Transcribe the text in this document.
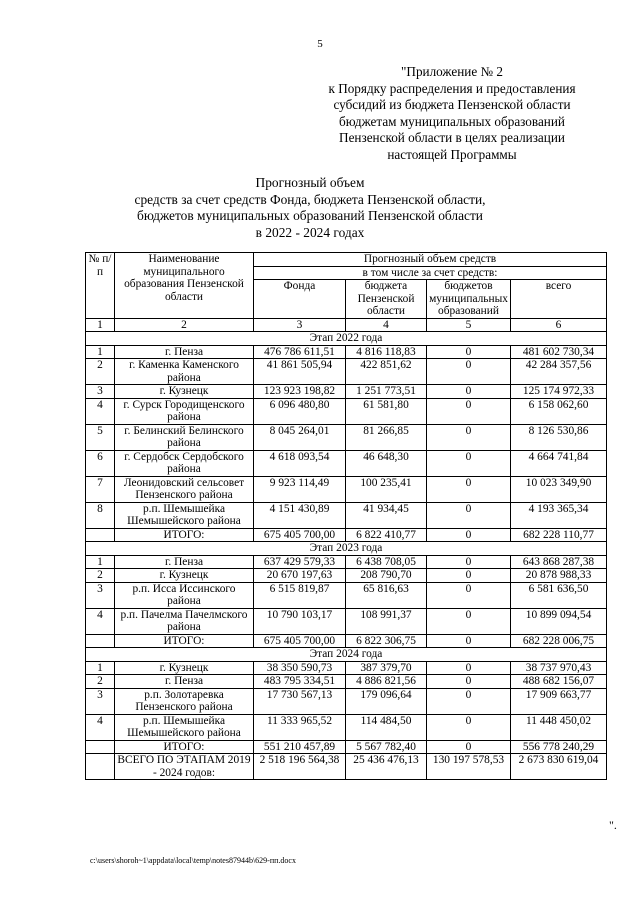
5
"Приложение № 2
к Порядку распределения и предоставления
субсидий из бюджета Пензенской области
бюджетам муниципальных образований
Пензенской области в целях реализации
настоящей Программы
Прогнозный объем
средств за счет средств Фонда, бюджета Пензенской области,
бюджетов муниципальных образований Пензенской области
в 2022 - 2024 годах
№ п/п	Наименование муниципального образования Пензенской области	Прогнозный объем средств			
		в том числе за счет средств:			
		Фонда	бюджета Пензенской области	бюджетов муниципальных образований	всего
1	2	3	4	5	6
Этап 2022 года					
1	г. Пенза	476 786 611,51	4 816 118,83	0	481 602 730,34
2	г. Каменка Каменского района	41 861 505,94	422 851,62	0	42 284 357,56
3	г. Кузнецк	123 923 198,82	1 251 773,51	0	125 174 972,33
4	г. Сурск Городищенского района	6 096 480,80	61 581,80	0	6 158 062,60
5	г. Белинский Белинского района	8 045 264,01	81 266,85	0	8 126 530,86
6	г. Сердобск Сердобского района	4 618 093,54	46 648,30	0	4 664 741,84
7	Леонидовский сельсовет Пензенского района	9 923 114,49	100 235,41	0	10 023 349,90
8	р.п. Шемышейка Шемышейского района	4 151 430,89	41 934,45	0	4 193 365,34
	ИТОГО:	675 405 700,00	6 822 410,77	0	682 228 110,77
Этап 2023 года					
1	г. Пенза	637 429 579,33	6 438 708,05	0	643 868 287,38
2	г. Кузнецк	20 670 197,63	208 790,70	0	20 878 988,33
3	р.п. Исса Иссинского района	6 515 819,87	65 816,63	0	6 581 636,50
4	р.п. Пачелма Пачелмского района	10 790 103,17	108 991,37	0	10 899 094,54
	ИТОГО:	675 405 700,00	6 822 306,75	0	682 228 006,75
Этап 2024 года					
1	г. Кузнецк	38 350 590,73	387 379,70	0	38 737 970,43
2	г. Пенза	483 795 334,51	4 886 821,56	0	488 682 156,07
3	р.п. Золотаревка Пензенского района	17 730 567,13	179 096,64	0	17 909 663,77
4	р.п. Шемышейка Шемышейского района	11 333 965,52	114 484,50	0	11 448 450,02
	ИТОГО:	551 210 457,89	5 567 782,40	0	556 778 240,29
	ВСЕГО ПО ЭТАПАМ 2019 - 2024 годов:	2 518 196 564,38	25 436 476,13	130 197 578,53	2 673 830 619,04
".
c:\users\shoroh~1\appdata\local\temp\notes87944b\629-пп.docx
